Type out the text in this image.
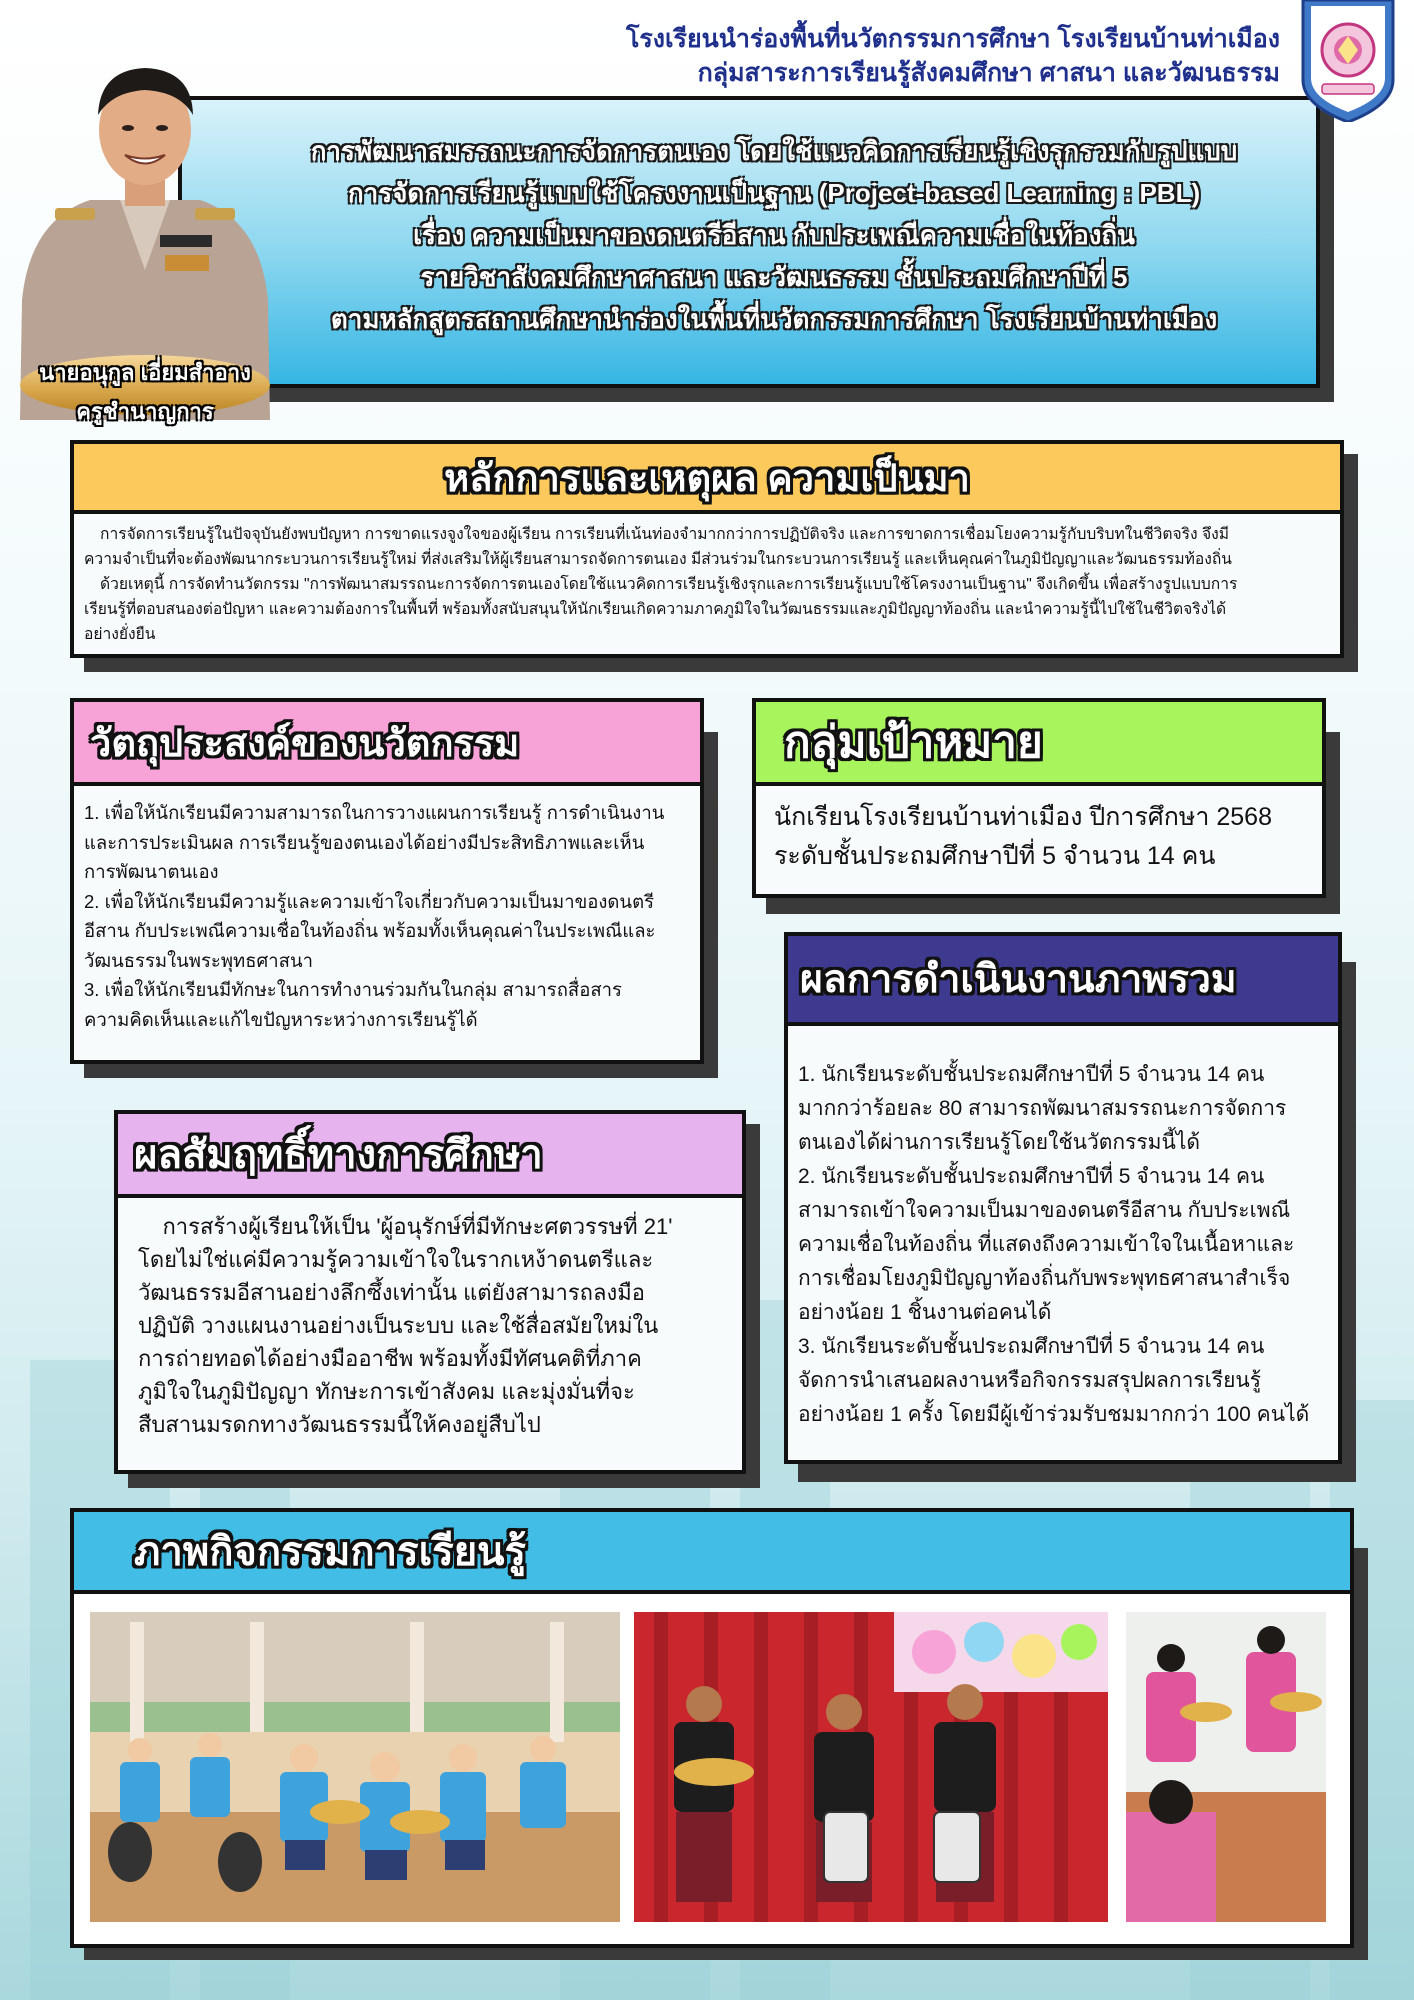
โรงเรียนนำร่องพื้นที่นวัตกรรมการศึกษา โรงเรียนบ้านท่าเมือง
กลุ่มสาระการเรียนรู้สังคมศึกษา ศาสนา และวัฒนธรรม
นายอนุกูล เอี่ยมสำอาง
ครูชำนาญการ
การพัฒนาสมรรถนะการจัดการตนเอง โดยใช้แนวคิดการเรียนรู้เชิงรุกรวมกับรูปแบบ
การจัดการเรียนรู้แบบใช้โครงงานเป็นฐาน (Project-based Learning : PBL)
เรื่อง ความเป็นมาของดนตรีอีสาน กับประเพณีความเชื่อในท้องถิ่น
รายวิชาสังคมศึกษาศาสนา และวัฒนธรรม ชั้นประถมศึกษาปีที่ 5
ตามหลักสูตรสถานศึกษานำร่องในพื้นที่นวัตกรรมการศึกษา โรงเรียนบ้านท่าเมือง
หลักการและเหตุผล ความเป็นมา
การจัดการเรียนรู้ในปัจจุบันยังพบปัญหา การขาดแรงจูงใจของผู้เรียน การเรียนที่เน้นท่องจำมากกว่าการปฏิบัติจริง และการขาดการเชื่อมโยงความรู้กับบริบทในชีวิตจริง จึงมี
ความจำเป็นที่จะต้องพัฒนากระบวนการเรียนรู้ใหม่ ที่ส่งเสริมให้ผู้เรียนสามารถจัดการตนเอง มีส่วนร่วมในกระบวนการเรียนรู้ และเห็นคุณค่าในภูมิปัญญาและวัฒนธรรมท้องถิ่น
ด้วยเหตุนี้ การจัดทำนวัตกรรม "การพัฒนาสมรรถนะการจัดการตนเองโดยใช้แนวคิดการเรียนรู้เชิงรุกและการเรียนรู้แบบใช้โครงงานเป็นฐาน" จึงเกิดขึ้น เพื่อสร้างรูปแบบการ
เรียนรู้ที่ตอบสนองต่อปัญหา และความต้องการในพื้นที่ พร้อมทั้งสนับสนุนให้นักเรียนเกิดความภาคภูมิใจในวัฒนธรรมและภูมิปัญญาท้องถิ่น และนำความรู้นี้ไปใช้ในชีวิตจริงได้
อย่างยั่งยืน
วัตถุประสงค์ของนวัตกรรม
1. เพื่อให้นักเรียนมีความสามารถในการวางแผนการเรียนรู้ การดำเนินงาน
และการประเมินผล การเรียนรู้ของตนเองได้อย่างมีประสิทธิภาพและเห็น
การพัฒนาตนเอง
2. เพื่อให้นักเรียนมีความรู้และความเข้าใจเกี่ยวกับความเป็นมาของดนตรี
อีสาน กับประเพณีความเชื่อในท้องถิ่น พร้อมทั้งเห็นคุณค่าในประเพณีและ
วัฒนธรรมในพระพุทธศาสนา
3. เพื่อให้นักเรียนมีทักษะในการทำงานร่วมกันในกลุ่ม สามารถสื่อสาร
ความคิดเห็นและแก้ไขปัญหาระหว่างการเรียนรู้ได้
กลุ่มเป้าหมาย
นักเรียนโรงเรียนบ้านท่าเมือง ปีการศึกษา 2568
ระดับชั้นประถมศึกษาปีที่ 5 จำนวน 14 คน
ผลการดำเนินงานภาพรวม
1. นักเรียนระดับชั้นประถมศึกษาปีที่ 5 จำนวน 14 คน
มากกว่าร้อยละ 80 สามารถพัฒนาสมรรถนะการจัดการ
ตนเองได้ผ่านการเรียนรู้โดยใช้นวัตกรรมนี้ได้
2. นักเรียนระดับชั้นประถมศึกษาปีที่ 5 จำนวน 14 คน
สามารถเข้าใจความเป็นมาของดนตรีอีสาน กับประเพณี
ความเชื่อในท้องถิ่น ที่แสดงถึงความเข้าใจในเนื้อหาและ
การเชื่อมโยงภูมิปัญญาท้องถิ่นกับพระพุทธศาสนาสำเร็จ
อย่างน้อย 1 ชิ้นงานต่อคนได้
3. นักเรียนระดับชั้นประถมศึกษาปีที่ 5 จำนวน 14 คน
จัดการนำเสนอผลงานหรือกิจกรรมสรุปผลการเรียนรู้
อย่างน้อย 1 ครั้ง โดยมีผู้เข้าร่วมรับชมมากกว่า 100 คนได้
ผลสัมฤทธิ์ทางการศึกษา
การสร้างผู้เรียนให้เป็น 'ผู้อนุรักษ์ที่มีทักษะศตวรรษที่ 21'
โดยไม่ใช่แค่มีความรู้ความเข้าใจในรากเหง้าดนตรีและ
วัฒนธรรมอีสานอย่างลึกซึ้งเท่านั้น แต่ยังสามารถลงมือ
ปฏิบัติ วางแผนงานอย่างเป็นระบบ และใช้สื่อสมัยใหม่ใน
การถ่ายทอดได้อย่างมืออาชีพ พร้อมทั้งมีทัศนคติที่ภาค
ภูมิใจในภูมิปัญญา ทักษะการเข้าสังคม และมุ่งมั่นที่จะ
สืบสานมรดกทางวัฒนธรรมนี้ให้คงอยู่สืบไป
ภาพกิจกรรมการเรียนรู้
